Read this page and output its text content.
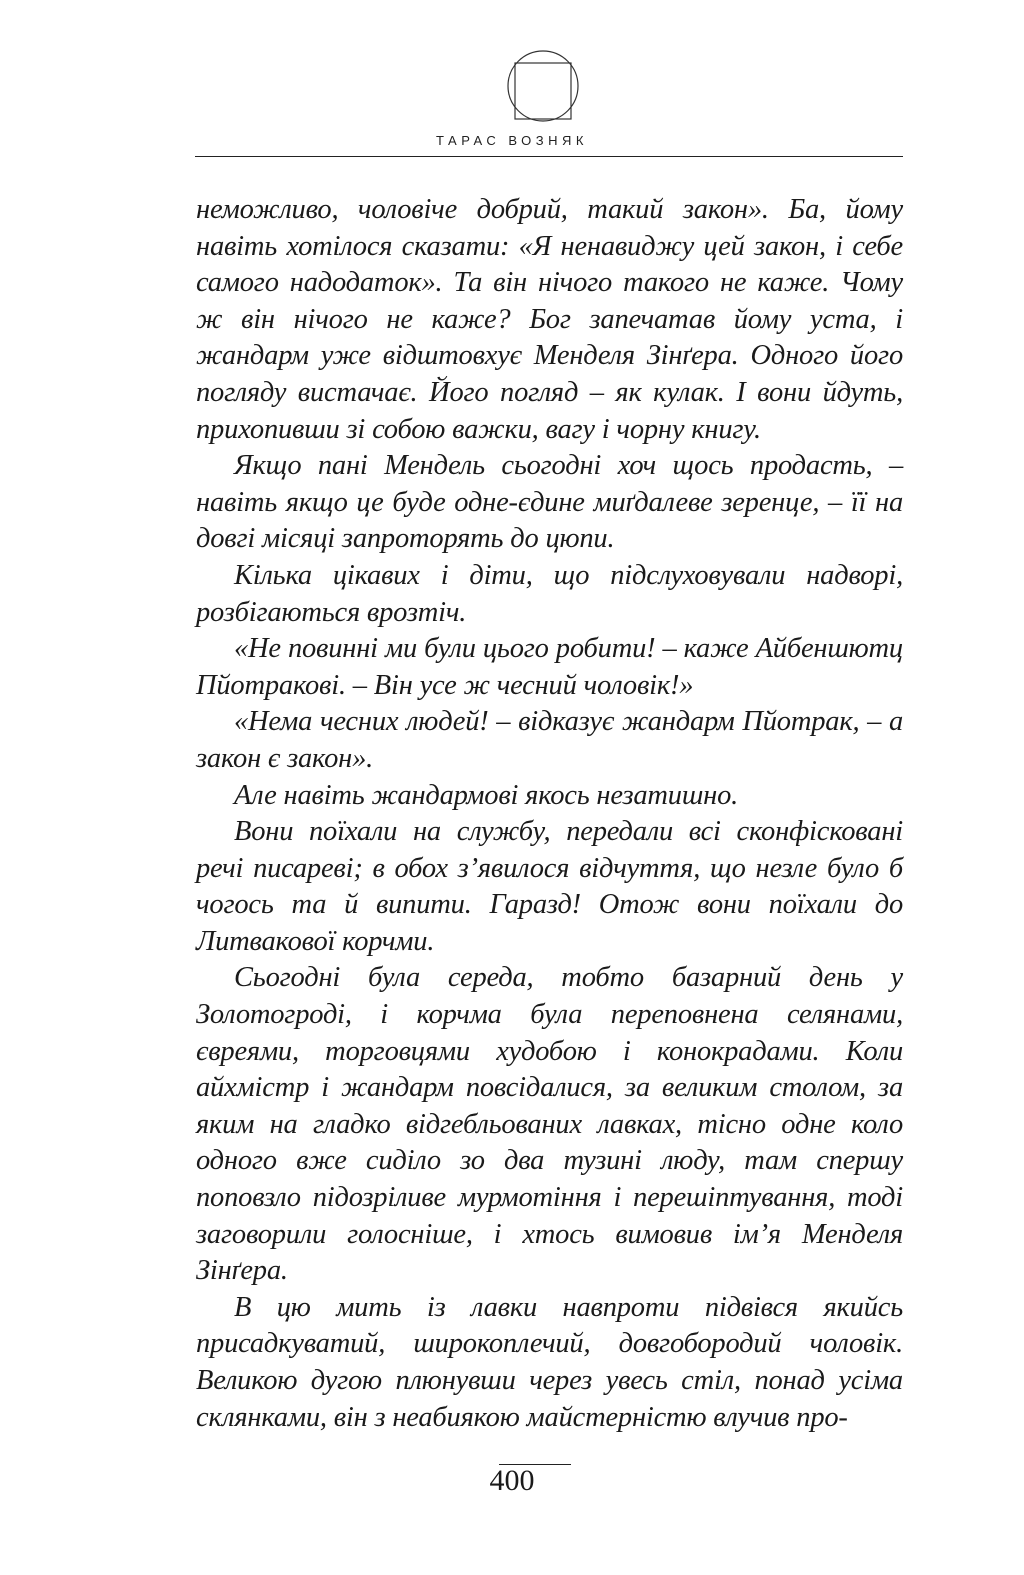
ТАРАС ВОЗНЯК

неможливо, чоловіче добрий, такий закон». Ба, йому навіть хотілося сказати: «Я ненавиджу цей закон, і себе самого надодаток». Та він нічого такого не каже. Чому ж він нічого не каже? Бог запечатав йому уста, і жандарм уже відштовхує Менделя Зінґера. Одного його погляду вистачає. Його погляд – як кулак. І вони йдуть, прихопивши зі собою важки, вагу і чорну книгу.

Якщо пані Мендель сьогодні хоч щось продасть, – навіть якщо це буде одне-єдине миґдалеве зеренце, – її на довгі місяці запроторять до цюпи.

Кілька цікавих і діти, що підслуховували надворі, розбігаються врозтіч.

«Не повинні ми були цього робити! – каже Айбеншютц Пйотракові. – Він усе ж чесний чоловік!»

«Нема чесних людей! – відказує жандарм Пйотрак, – а закон є закон».

Але навіть жандармові якось незатишно.

Вони поїхали на службу, передали всі сконфісковані речі писареві; в обох з’явилося відчуття, що незле було б чогось та й випити. Гаразд! Отож вони поїхали до Литвакової корчми.

Сьогодні була середа, тобто базарний день у Золотогроді, і корчма була переповнена селянами, євреями, торговцями худобою і конокрадами. Коли айхмістр і жандарм повсідалися, за великим столом, за яким на гладко відгебльованих лавках, тісно одне коло одного вже сиділо зо два тузині люду, там спершу поповзло підозріливе мурмотіння і перешіптування, тоді заговорили голосніше, і хтось вимовив ім’я Менделя Зінґера.

В цю мить із лавки навпроти підвівся якийсь присадкуватий, широкоплечий, довгобородий чоловік. Великою дугою плюнувши через увесь стіл, понад усіма склянками, він з неабиякою майстерністю влучив про-

400
